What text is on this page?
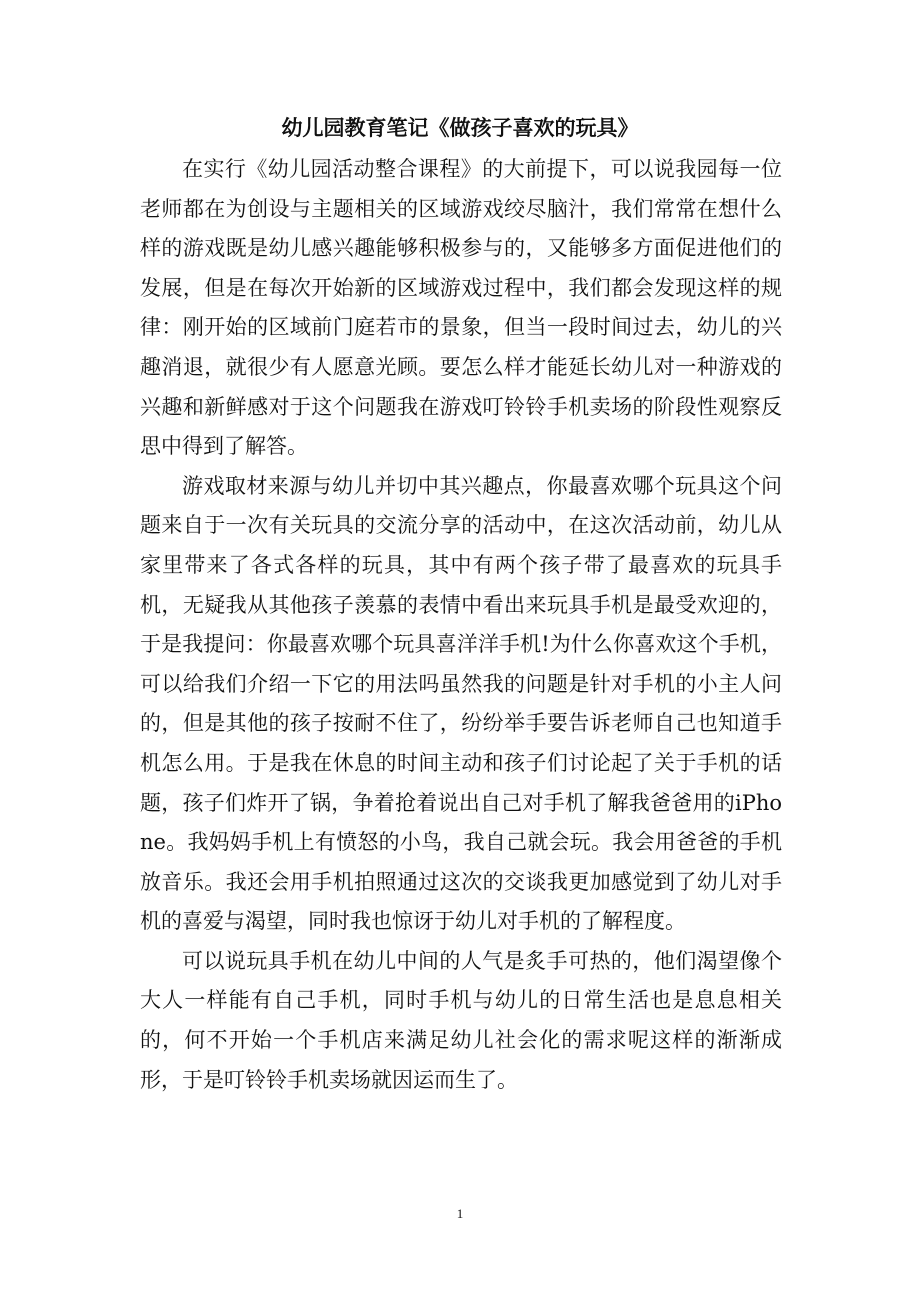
幼儿园教育笔记《做孩子喜欢的玩具》

在实行《幼儿园活动整合课程》的大前提下，可以说我园每一位老师都在为创设与主题相关的区域游戏绞尽脑汁，我们常常在想什么样的游戏既是幼儿感兴趣能够积极参与的，又能够多方面促进他们的发展，但是在每次开始新的区域游戏过程中，我们都会发现这样的规律：刚开始的区域前门庭若市的景象，但当一段时间过去，幼儿的兴趣消退，就很少有人愿意光顾。要怎么样才能延长幼儿对一种游戏的兴趣和新鲜感对于这个问题我在游戏叮铃铃手机卖场的阶段性观察反思中得到了解答。

游戏取材来源与幼儿并切中其兴趣点，你最喜欢哪个玩具这个问题来自于一次有关玩具的交流分享的活动中，在这次活动前，幼儿从家里带来了各式各样的玩具，其中有两个孩子带了最喜欢的玩具手机，无疑我从其他孩子羡慕的表情中看出来玩具手机是最受欢迎的，于是我提问：你最喜欢哪个玩具喜洋洋手机!为什么你喜欢这个手机，可以给我们介绍一下它的用法吗虽然我的问题是针对手机的小主人问的，但是其他的孩子按耐不住了，纷纷举手要告诉老师自己也知道手机怎么用。于是我在休息的时间主动和孩子们讨论起了关于手机的话题，孩子们炸开了锅，争着抢着说出自己对手机了解我爸爸用的iPhone。我妈妈手机上有愤怒的小鸟，我自己就会玩。我会用爸爸的手机放音乐。我还会用手机拍照通过这次的交谈我更加感觉到了幼儿对手机的喜爱与渴望，同时我也惊讶于幼儿对手机的了解程度。

可以说玩具手机在幼儿中间的人气是炙手可热的，他们渴望像个大人一样能有自己手机，同时手机与幼儿的日常生活也是息息相关的，何不开始一个手机店来满足幼儿社会化的需求呢这样的渐渐成形，于是叮铃铃手机卖场就因运而生了。

1
